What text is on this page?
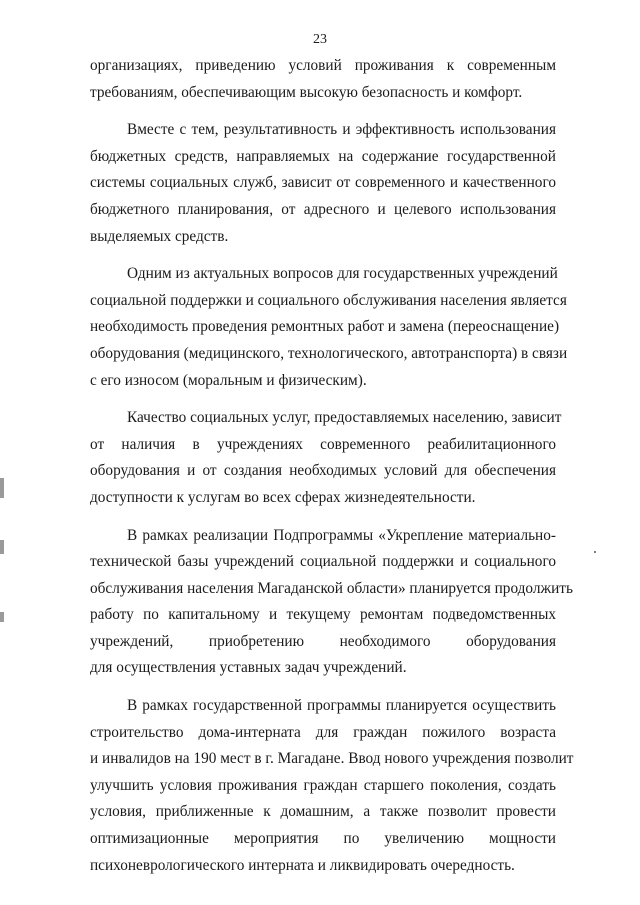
23
организациях, приведению условий проживания к современным
требованиям, обеспечивающим высокую безопасность и комфорт.
Вместе с тем, результативность и эффективность использования
бюджетных средств, направляемых на содержание государственной
системы социальных служб, зависит от современного и качественного
бюджетного планирования, от адресного и целевого использования
выделяемых средств.
Одним из актуальных вопросов для государственных учреждений
социальной поддержки и социального обслуживания населения является
необходимость проведения ремонтных работ и замена (переоснащение)
оборудования (медицинского, технологического, автотранспорта) в связи
с его износом (моральным и физическим).
Качество социальных услуг, предоставляемых населению, зависит
от наличия в учреждениях современного реабилитационного
оборудования и от создания необходимых условий для обеспечения
доступности к услугам во всех сферах жизнедеятельности.
В рамках реализации Подпрограммы «Укрепление материально-
технической базы учреждений социальной поддержки и социального
обслуживания населения Магаданской области» планируется продолжить
работу по капитальному и текущему ремонтам подведомственных
учреждений, приобретению необходимого оборудования
для осуществления уставных задач учреждений.
В рамках государственной программы планируется осуществить
строительство дома-интерната для граждан пожилого возраста
и инвалидов на 190 мест в г. Магадане. Ввод нового учреждения позволит
улучшить условия проживания граждан старшего поколения, создать
условия, приближенные к домашним, а также позволит провести
оптимизационные мероприятия по увеличению мощности
психоневрологического интерната и ликвидировать очередность.
